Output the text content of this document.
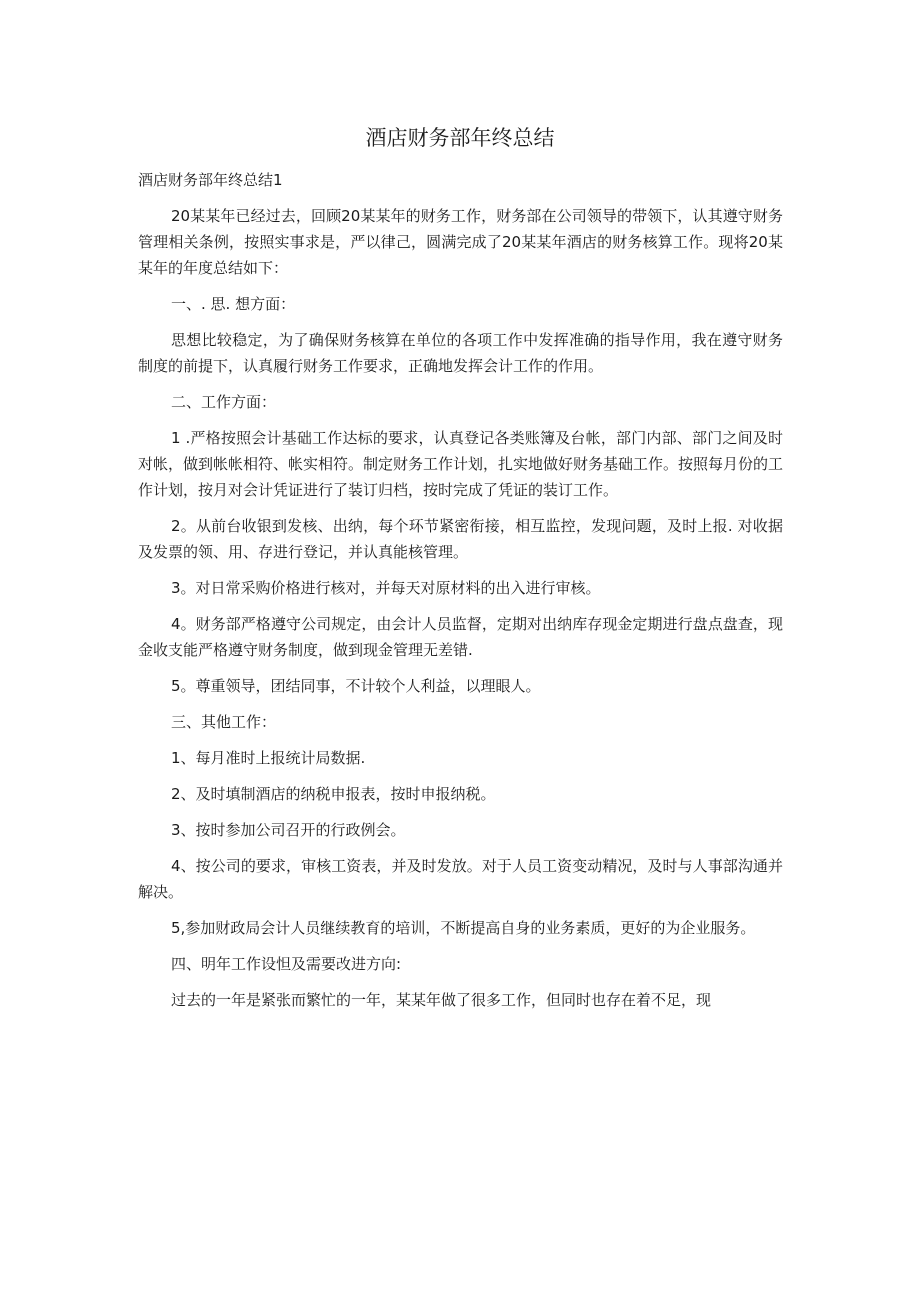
酒店财务部年终总结
酒店财务部年终总结1

20某某年已经过去，回顾20某某年的财务工作，财务部在公司领导的带领下，认其遵守财务管理相关条例，按照实事求是，严以律己，圆满完成了20某某年酒店的财务核算工作。现将20某某年的年度总结如下：

一、. 思. 想方面：

思想比较稳定，为了确保财务核算在单位的各项工作中发挥准确的指导作用，我在遵守财务制度的前提下，认真履行财务工作要求，正确地发挥会计工作的作用。

二、工作方面：

1 .严格按照会计基础工作达标的要求，认真登记各类账簿及台帐，部门内部、部门之间及时对帐，做到帐帐相符、帐实相符。制定财务工作计划，扎实地做好财务基础工作。按照每月份的工作计划，按月对会计凭证进行了装订归档，按时完成了凭证的装订工作。

2。从前台收银到发核、出纳，每个环节紧密衔接，相互监控，发现问题，及时上报. 对收据及发票的领、用、存进行登记，并认真能核管理。

3。对日常采购价格进行核对，并每天对原材料的出入进行审核。

4。财务部严格遵守公司规定，由会计人员监督，定期对出纳库存现金定期进行盘点盘查，现金收支能严格遵守财务制度，做到现金管理无差错.

5。尊重领导，团结同事，不计较个人利益，以理眼人。

三、其他工作：

1、每月准时上报统计局数据.

2、及时填制酒店的纳税申报表，按时申报纳税。

3、按时参加公司召开的行政例会。

4、按公司的要求，审核工资表，并及时发放。对于人员工资变动精况，及时与人事部沟通并解决。

5,参加财政局会计人员继续教育的培训，不断提高自身的业务素质，更好的为企业服务。

四、明年工作设怛及需要改进方向:

过去的一年是紧张而繁忙的一年，某某年做了很多工作，但同时也存在着不足，现
